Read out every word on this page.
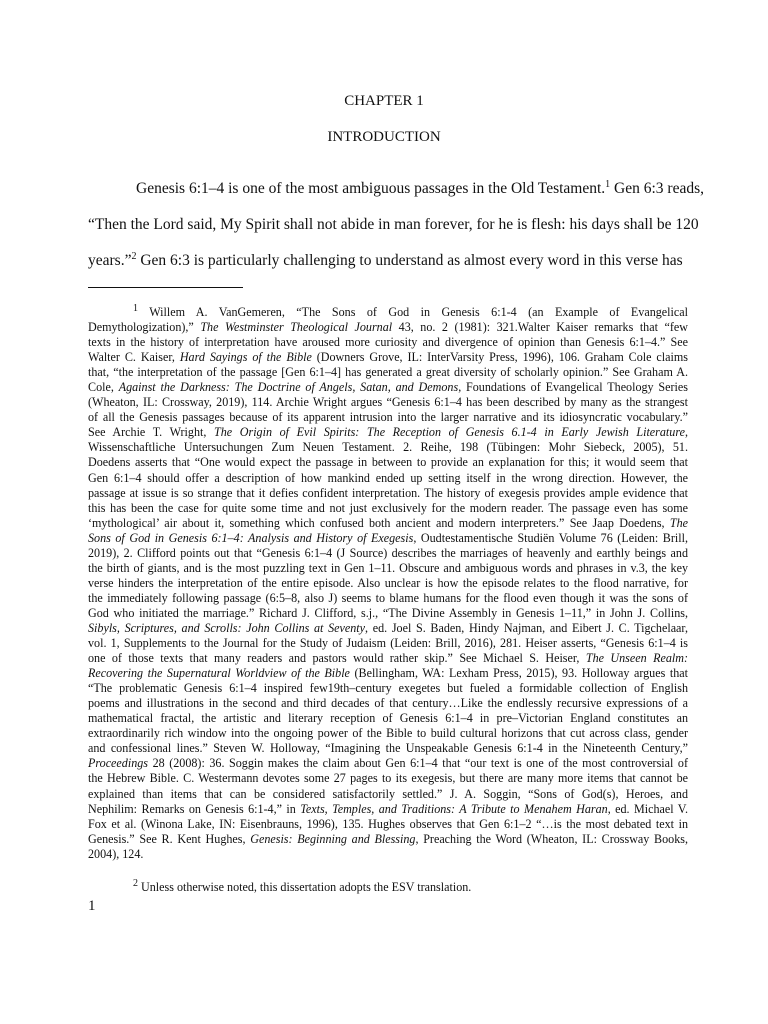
CHAPTER 1
INTRODUCTION

Genesis 6:1–4 is one of the most ambiguous passages in the Old Testament.$^1$ Gen 6:3 reads,

“Then the Lord said, My Spirit shall not abide in man forever, for he is flesh: his days shall be 120

years.”$^2$ Gen 6:3 is particularly challenging to understand as almost every word in this verse has

$^1$ Willem A. VanGemeren, “The Sons of God in Genesis 6:1-4 (an Example of Evangelical
Demythologization),” The Westminster Theological Journal 43, no. 2 (1981): 321.Walter Kaiser remarks that “few
texts in the history of interpretation have aroused more curiosity and divergence of opinion than Genesis 6:1–4.” See
Walter C. Kaiser, Hard Sayings of the Bible (Downers Grove, IL: InterVarsity Press, 1996), 106. Graham Cole claims
that, “the interpretation of the passage [Gen 6:1–4] has generated a great diversity of scholarly opinion.” See Graham A.
Cole, Against the Darkness: The Doctrine of Angels, Satan, and Demons, Foundations of Evangelical Theology Series
(Wheaton, IL: Crossway, 2019), 114. Archie Wright argues “Genesis 6:1–4 has been described by many as the strangest
of all the Genesis passages because of its apparent intrusion into the larger narrative and its idiosyncratic vocabulary.”
See Archie T. Wright, The Origin of Evil Spirits: The Reception of Genesis 6.1-4 in Early Jewish Literature,
Wissenschaftliche Untersuchungen Zum Neuen Testament. 2. Reihe, 198 (Tübingen: Mohr Siebeck, 2005), 51.
Doedens asserts that “One would expect the passage in between to provide an explanation for this; it would seem that
Gen 6:1–4 should offer a description of how mankind ended up setting itself in the wrong direction. However, the
passage at issue is so strange that it defies confident interpretation. The history of exegesis provides ample evidence that
this has been the case for quite some time and not just exclusively for the modern reader. The passage even has some
‘mythological’ air about it, something which confused both ancient and modern interpreters.” See Jaap Doedens, The
Sons of God in Genesis 6:1–4: Analysis and History of Exegesis, Oudtestamentische Studiën Volume 76 (Leiden: Brill,
2019), 2. Clifford points out that “Genesis 6:1–4 (J Source) describes the marriages of heavenly and earthly beings and
the birth of giants, and is the most puzzling text in Gen 1–11. Obscure and ambiguous words and phrases in v.3, the key
verse hinders the interpretation of the entire episode. Also unclear is how the episode relates to the flood narrative, for
the immediately following passage (6:5–8, also J) seems to blame humans for the flood even though it was the sons of
God who initiated the marriage.” Richard J. Clifford, s.j., “The Divine Assembly in Genesis 1–11,” in John J. Collins,
Sibyls, Scriptures, and Scrolls: John Collins at Seventy, ed. Joel S. Baden, Hindy Najman, and Eibert J. C. Tigchelaar,
vol. 1, Supplements to the Journal for the Study of Judaism (Leiden: Brill, 2016), 281. Heiser asserts, “Genesis 6:1–4 is
one of those texts that many readers and pastors would rather skip.” See Michael S. Heiser, The Unseen Realm:
Recovering the Supernatural Worldview of the Bible (Bellingham, WA: Lexham Press, 2015), 93. Holloway argues that
“The problematic Genesis 6:1–4 inspired few19th–century exegetes but fueled a formidable collection of English
poems and illustrations in the second and third decades of that century…Like the endlessly recursive expressions of a
mathematical fractal, the artistic and literary reception of Genesis 6:1–4 in pre–Victorian England constitutes an
extraordinarily rich window into the ongoing power of the Bible to build cultural horizons that cut across class, gender
and confessional lines.” Steven W. Holloway, “Imagining the Unspeakable Genesis 6:1-4 in the Nineteenth Century,”
Proceedings 28 (2008): 36. Soggin makes the claim about Gen 6:1–4 that “our text is one of the most controversial of
the Hebrew Bible. C. Westermann devotes some 27 pages to its exegesis, but there are many more items that cannot be
explained than items that can be considered satisfactorily settled.” J. A. Soggin, “Sons of God(s), Heroes, and
Nephilim: Remarks on Genesis 6:1-4,” in Texts, Temples, and Traditions: A Tribute to Menahem Haran, ed. Michael V.
Fox et al. (Winona Lake, IN: Eisenbrauns, 1996), 135. Hughes observes that Gen 6:1–2 “…is the most debated text in
Genesis.” See R. Kent Hughes, Genesis: Beginning and Blessing, Preaching the Word (Wheaton, IL: Crossway Books,
2004), 124.
$^2$ Unless otherwise noted, this dissertation adopts the ESV translation.
1
